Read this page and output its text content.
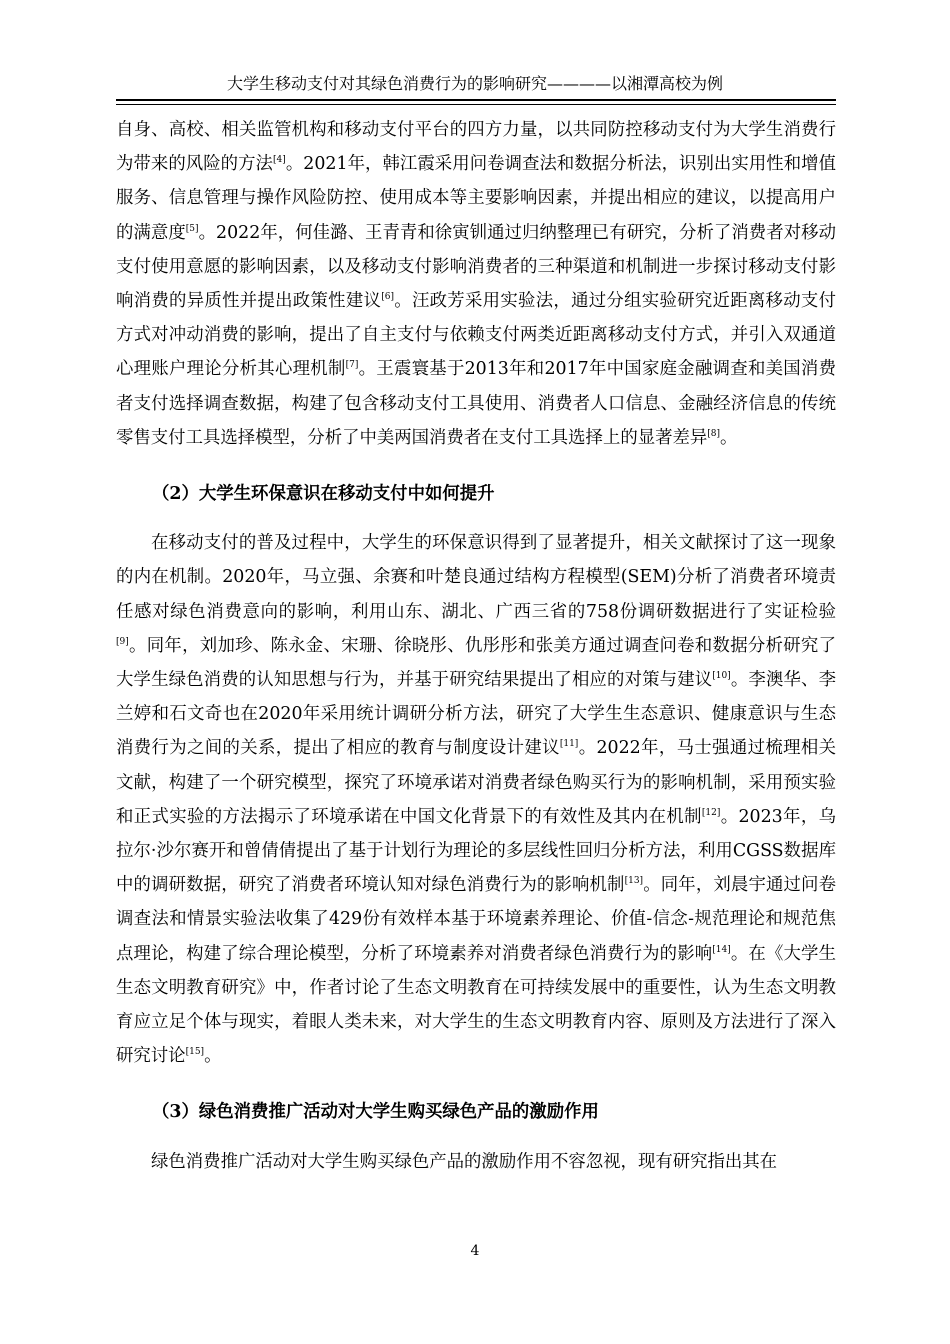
大学生移动支付对其绿色消费行为的影响研究————以湘潭高校为例

自身、高校、相关监管机构和移动支付平台的四方力量，以共同防控移动支付为大学生消费行为带来的风险的方法[4]。2021年，韩江霞采用问卷调查法和数据分析法，识别出实用性和增值服务、信息管理与操作风险防控、使用成本等主要影响因素，并提出相应的建议，以提高用户的满意度[5]。2022年，何佳潞、王青青和徐寅钏通过归纳整理已有研究，分析了消费者对移动支付使用意愿的影响因素，以及移动支付影响消费者的三种渠道和机制进一步探讨移动支付影响消费的异质性并提出政策性建议[6]。汪政芳采用实验法，通过分组实验研究近距离移动支付方式对冲动消费的影响，提出了自主支付与依赖支付两类近距离移动支付方式，并引入双通道心理账户理论分析其心理机制[7]。王震寰基于2013年和2017年中国家庭金融调查和美国消费者支付选择调查数据，构建了包含移动支付工具使用、消费者人口信息、金融经济信息的传统零售支付工具选择模型，分析了中美两国消费者在支付工具选择上的显著差异[8]。

（2）大学生环保意识在移动支付中如何提升

在移动支付的普及过程中，大学生的环保意识得到了显著提升，相关文献探讨了这一现象的内在机制。2020年，马立强、余赛和叶楚良通过结构方程模型(SEM)分析了消费者环境责任感对绿色消费意向的影响，利用山东、湖北、广西三省的758份调研数据进行了实证检验[9]。同年，刘加珍、陈永金、宋珊、徐晓彤、仇彤彤和张美方通过调查问卷和数据分析研究了大学生绿色消费的认知思想与行为，并基于研究结果提出了相应的对策与建议[10]。李澳华、李兰婷和石文奇也在2020年采用统计调研分析方法，研究了大学生生态意识、健康意识与生态消费行为之间的关系，提出了相应的教育与制度设计建议[11]。2022年，马士强通过梳理相关文献，构建了一个研究模型，探究了环境承诺对消费者绿色购买行为的影响机制，采用预实验和正式实验的方法揭示了环境承诺在中国文化背景下的有效性及其内在机制[12]。2023年，乌拉尔·沙尔赛开和曾倩倩提出了基于计划行为理论的多层线性回归分析方法，利用CGSS数据库中的调研数据，研究了消费者环境认知对绿色消费行为的影响机制[13]。同年，刘晨宇通过问卷调查法和情景实验法收集了429份有效样本基于环境素养理论、价值-信念-规范理论和规范焦点理论，构建了综合理论模型，分析了环境素养对消费者绿色消费行为的影响[14]。在《大学生生态文明教育研究》中，作者讨论了生态文明教育在可持续发展中的重要性，认为生态文明教育应立足个体与现实，着眼人类未来，对大学生的生态文明教育内容、原则及方法进行了深入研究讨论[15]。

（3）绿色消费推广活动对大学生购买绿色产品的激励作用

绿色消费推广活动对大学生购买绿色产品的激励作用不容忽视，现有研究指出其在

4
